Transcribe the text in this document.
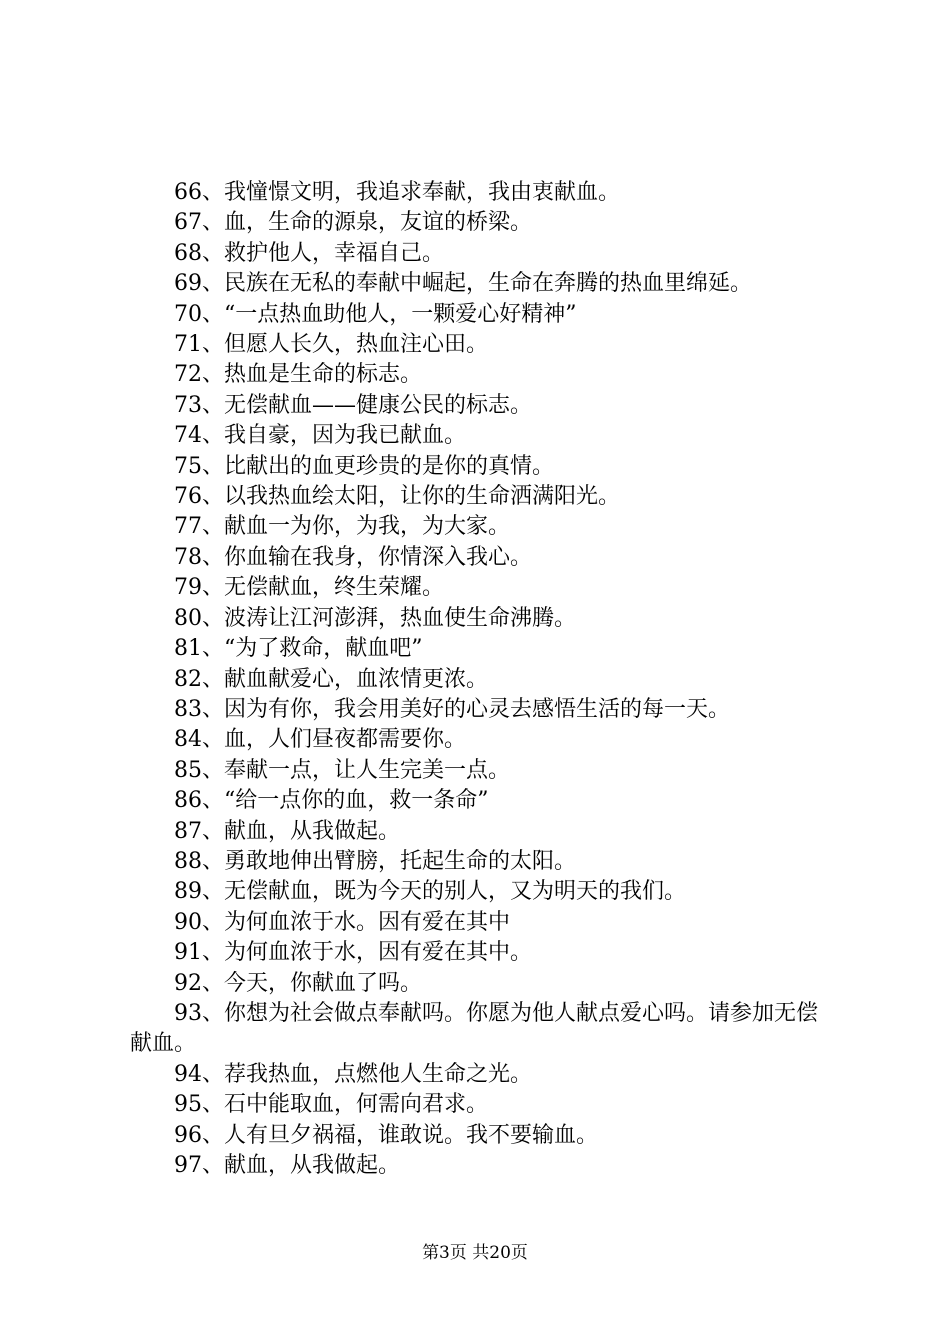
66、我憧憬文明，我追求奉献，我由衷献血。

67、血，生命的源泉，友谊的桥梁。

68、救护他人，幸福自己。

69、民族在无私的奉献中崛起，生命在奔腾的热血里绵延。

70、“一点热血助他人，一颗爱心好精神”

71、但愿人长久，热血注心田。

72、热血是生命的标志。

73、无偿献血——健康公民的标志。

74、我自豪，因为我已献血。

75、比献出的血更珍贵的是你的真情。

76、以我热血绘太阳，让你的生命洒满阳光。

77、献血一为你，为我，为大家。

78、你血输在我身，你情深入我心。

79、无偿献血，终生荣耀。

80、波涛让江河澎湃，热血使生命沸腾。

81、“为了救命，献血吧”

82、献血献爱心，血浓情更浓。

83、因为有你，我会用美好的心灵去感悟生活的每一天。

84、血，人们昼夜都需要你。

85、奉献一点，让人生完美一点。

86、“给一点你的血，救一条命”

87、献血，从我做起。

88、勇敢地伸出臂膀，托起生命的太阳。

89、无偿献血，既为今天的别人，又为明天的我们。

90、为何血浓于水。因有爱在其中

91、为何血浓于水，因有爱在其中。

92、今天，你献血了吗。

93、你想为社会做点奉献吗。你愿为他人献点爱心吗。请参加无偿献血。

94、荐我热血，点燃他人生命之光。

95、石中能取血，何需向君求。

96、人有旦夕祸福，谁敢说。我不要输血。

97、献血，从我做起。

第3页 共20页
